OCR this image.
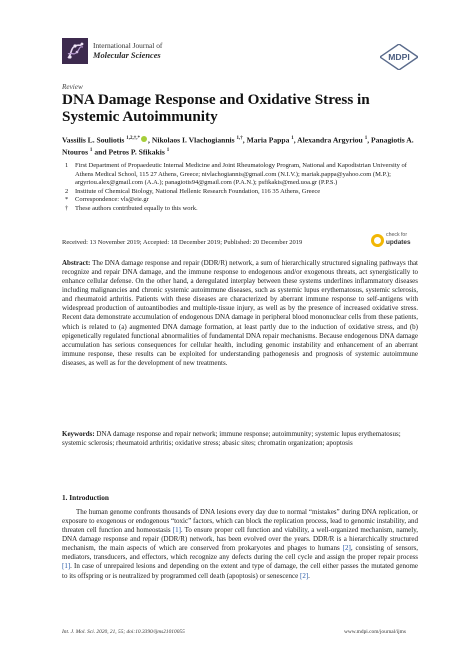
International Journal of
Molecular Sciences	MDPI
Review
DNA Damage Response and Oxidative Stress in Systemic Autoimmunity
Vassilis L. Souliotis $^{1,2,\dagger,*}$ , Nikolaos I. Vlachogiannis $^{1,\dagger}$, Maria Pappa $^1$, Alexandra Argyriou $^1$, Panagiotis A. Ntouros $^1$ and Petros P. Sfikakis $^1$
1	First Department of Propaedeutic Internal Medicine and Joint Rheumatology Program, National and Kapodistrian University of Athens Medical School, 115 27 Athens, Greece; nivlachogiannis@gmail.com (N.I.V.); mariak.pappa@yahoo.com (M.P.); argyriou.alex@gmail.com (A.A.); panagiotis94@gmail.com (P.A.N.); psfikakis@med.uoa.gr (P.P.S.)
2	Institute of Chemical Biology, National Hellenic Research Foundation, 116 35 Athens, Greece
*	Correspondence: vls@eie.gr
†	These authors contributed equally to this work.
Received: 13 November 2019; Accepted: 18 December 2019; Published: 20 December 2019
check for
updates
Abstract: The DNA damage response and repair (DDR/R) network, a sum of hierarchically structured signaling pathways that recognize and repair DNA damage, and the immune response to endogenous and/or exogenous threats, act synergistically to enhance cellular defense. On the other hand, a deregulated interplay between these systems underlines inflammatory diseases including malignancies and chronic systemic autoimmune diseases, such as systemic lupus erythematosus, systemic sclerosis, and rheumatoid arthritis. Patients with these diseases are characterized by aberrant immune response to self-antigens with widespread production of autoantibodies and multiple-tissue injury, as well as by the presence of increased oxidative stress. Recent data demonstrate accumulation of endogenous DNA damage in peripheral blood mononuclear cells from these patients, which is related to (a) augmented DNA damage formation, at least partly due to the induction of oxidative stress, and (b) epigenetically regulated functional abnormalities of fundamental DNA repair mechanisms. Because endogenous DNA damage accumulation has serious consequences for cellular health, including genomic instability and enhancement of an aberrant immune response, these results can be exploited for understanding pathogenesis and prognosis of systemic autoimmune diseases, as well as for the development of new treatments.
Keywords: DNA damage response and repair network; immune response; autoimmunity; systemic lupus erythematosus; systemic sclerosis; rheumatoid arthritis; oxidative stress; abasic sites; chromatin organization; apoptosis
1. Introduction
The human genome confronts thousands of DNA lesions every day due to normal “mistakes” during DNA replication, or exposure to exogenous or endogenous “toxic” factors, which can block the replication process, lead to genomic instability, and threaten cell function and homeostasis [1]. To ensure proper cell function and viability, a well-organized mechanism, namely, DNA damage response and repair (DDR/R) network, has been evolved over the years. DDR/R is a hierarchically structured mechanism, the main aspects of which are conserved from prokaryotes and phages to humans [2], consisting of sensors, mediators, transducers, and effectors, which recognize any defects during the cell cycle and assign the proper repair process [1]. In case of unrepaired lesions and depending on the extent and type of damage, the cell either passes the mutated genome to its offspring or is neutralized by programmed cell death (apoptosis) or senescence [2].
Int. J. Mol. Sci. 2020, 21, 55; doi:10.3390/ijms21010055	www.mdpi.com/journal/ijms
